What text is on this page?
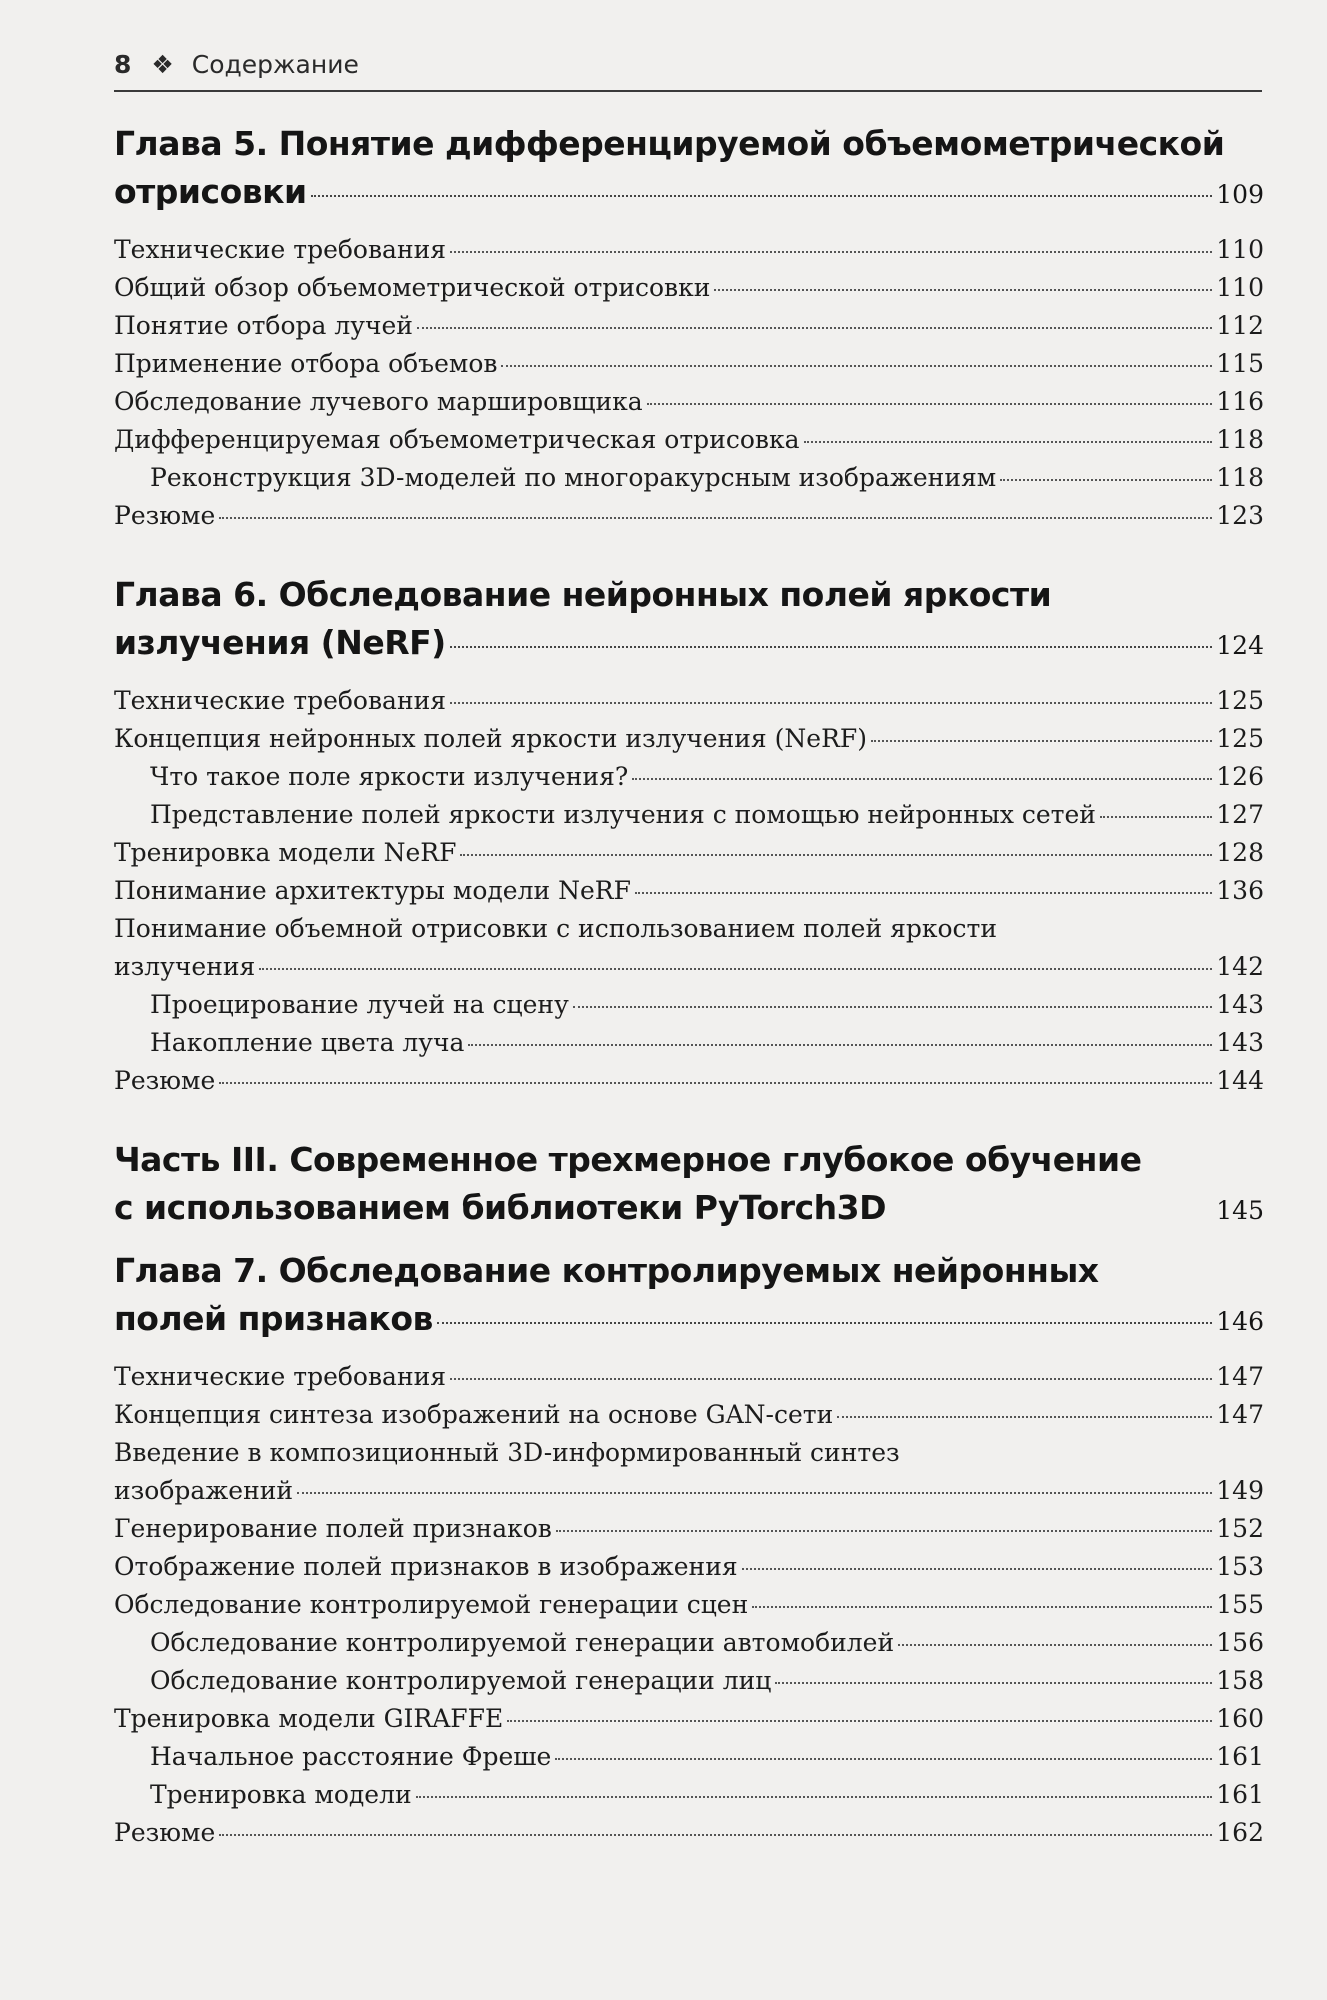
8 ❖ Содержание
Глава 5. Понятие дифференцируемой объемометрической
отрисовки	109
Технические требования	110
Общий обзор объемометрической отрисовки	110
Понятие отбора лучей	112
Применение отбора объемов	115
Обследование лучевого маршировщика	116
Дифференцируемая объемометрическая отрисовка	118
Реконструкция 3D-моделей по многоракурсным изображениям	118
Резюме	123
Глава 6. Обследование нейронных полей яркости
излучения (NeRF)	124
Технические требования	125
Концепция нейронных полей яркости излучения (NeRF)	125
Что такое поле яркости излучения?	126
Представление полей яркости излучения с помощью нейронных сетей	127
Тренировка модели NeRF	128
Понимание архитектуры модели NeRF	136
Понимание объемной отрисовки с использованием полей яркости
излучения	142
Проецирование лучей на сцену	143
Накопление цвета луча	143
Резюме	144
Часть III. Современное трехмерное глубокое обучение
с использованием библиотеки PyTorch3D	145
Глава 7. Обследование контролируемых нейронных
полей признаков	146
Технические требования	147
Концепция синтеза изображений на основе GAN-сети	147
Введение в композиционный 3D-информированный синтез
изображений	149
Генерирование полей признаков	152
Отображение полей признаков в изображения	153
Обследование контролируемой генерации сцен	155
Обследование контролируемой генерации автомобилей	156
Обследование контролируемой генерации лиц	158
Тренировка модели GIRAFFE	160
Начальное расстояние Фреше	161
Тренировка модели	161
Резюме	162
